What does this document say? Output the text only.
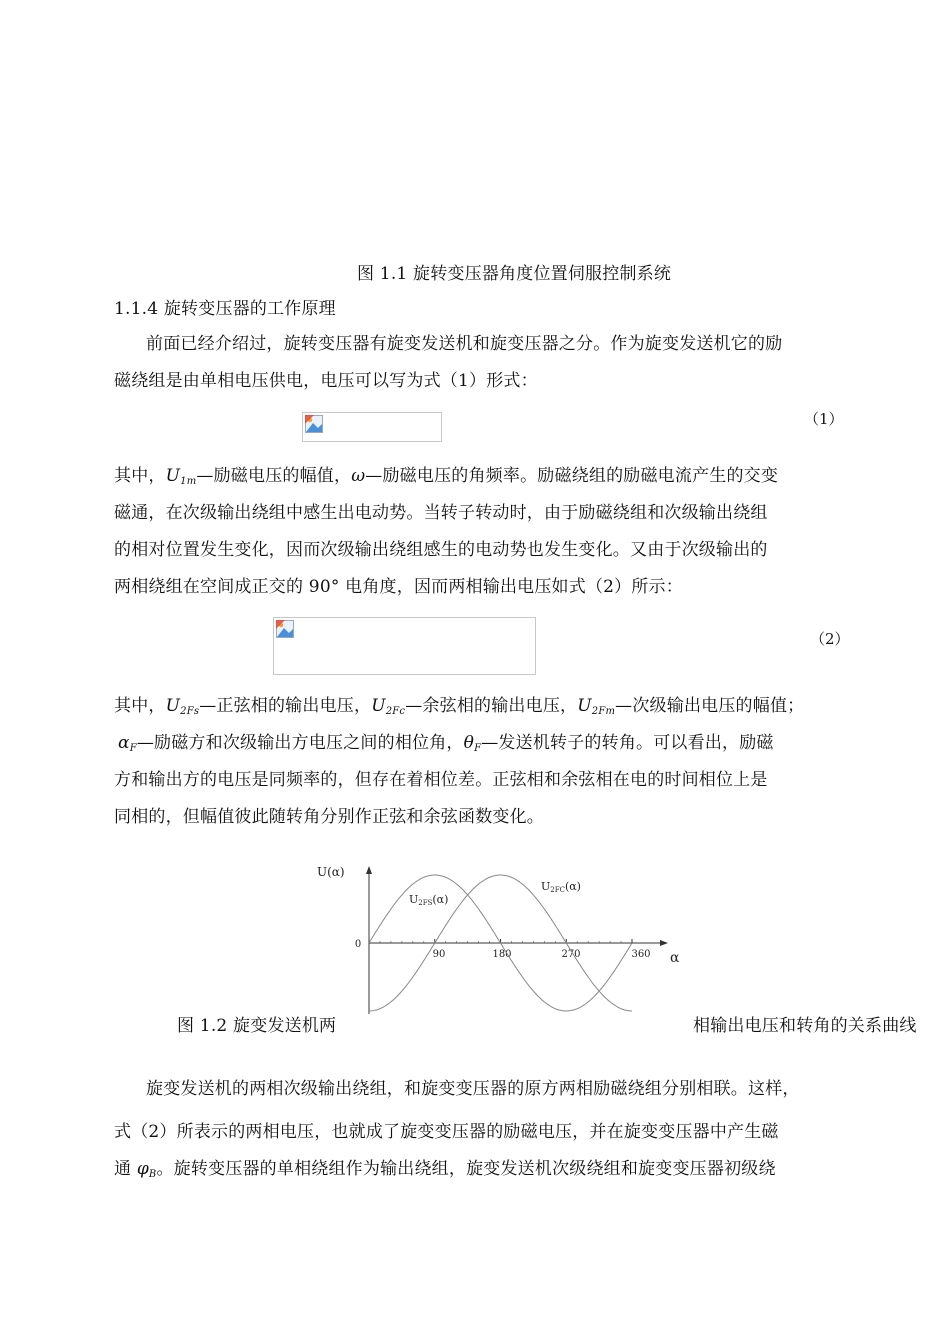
图 1.1 旋转变压器角度位置伺服控制系统
1.1.4 旋转变压器的工作原理
前面已经介绍过，旋转变压器有旋变发送机和旋变压器之分。作为旋变发送机它的励
磁绕组是由单相电压供电，电压可以写为式（1）形式：
（1）
其中，$U_{1m}—$励磁电压的幅值，ω—励磁电压的角频率。励磁绕组的励磁电流产生的交变
磁通，在次级输出绕组中感生出电动势。当转子转动时，由于励磁绕组和次级输出绕组
的相对位置发生变化，因而次级输出绕组感生的电动势也发生变化。又由于次级输出的
两相绕组在空间成正交的 90° 电角度，因而两相输出电压如式（2）所示：
（2）
其中，$U_{2Fs}—$正弦相的输出电压，$U_{2Fc}—$余弦相的输出电压，$U_{2Fm}—$次级输出电压的幅值；
$\alpha_F—$励磁方和次级输出方电压之间的相位角，$\theta_F—$发送机转子的转角。可以看出，励磁
方和输出方的电压是同频率的，但存在着相位差。正弦相和余弦相在电的时间相位上是
同相的，但幅值彼此随转角分别作正弦和余弦函数变化。
90	180	270	360
0
U(α)
α
U2FS(α)
U2FC(α)
图 1.2 旋变发送机两	相输出电压和转角的关系曲线
旋变发送机的两相次级输出绕组，和旋变变压器的原方两相励磁绕组分别相联。这样，
式（2）所表示的两相电压，也就成了旋变变压器的励磁电压，并在旋变变压器中产生磁
通 $\varphi_B$。旋转变压器的单相绕组作为输出绕组，旋变发送机次级绕组和旋变变压器初级绕
